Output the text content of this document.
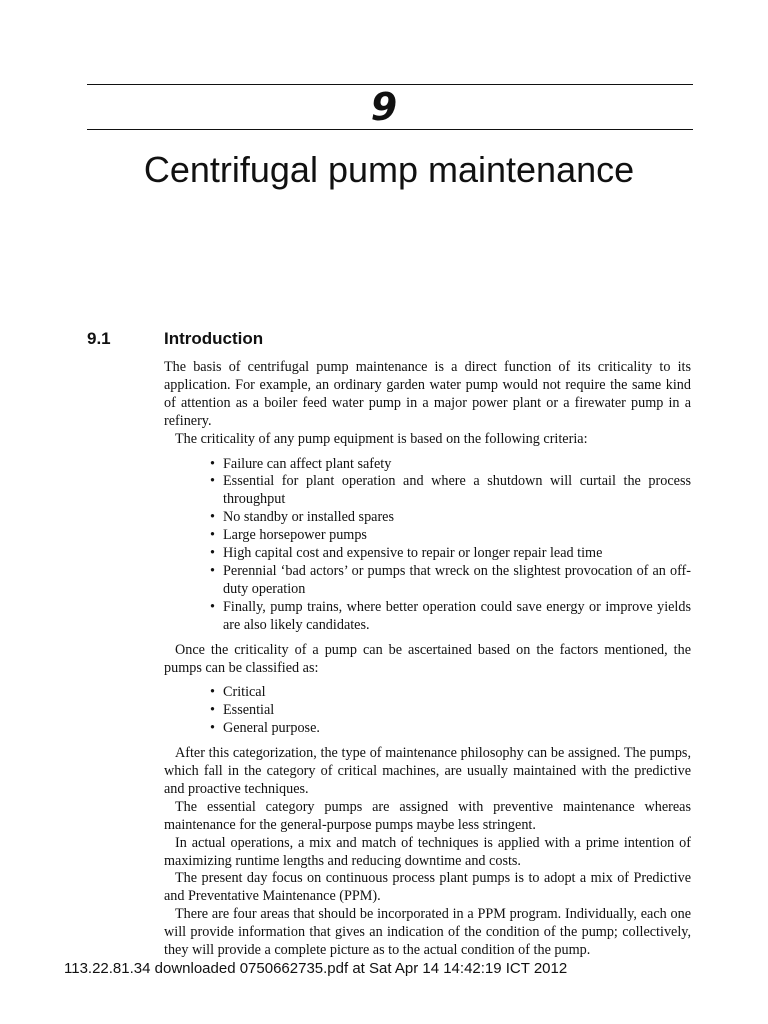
9
Centrifugal pump maintenance
9.1	Introduction

The basis of centrifugal pump maintenance is a direct function of its criticality to its application. For example, an ordinary garden water pump would not require the same kind of attention as a boiler feed water pump in a major power plant or a firewater pump in a refinery.

The criticality of any pump equipment is based on the following criteria:

• Failure can affect plant safety
• Essential for plant operation and where a shutdown will curtail the process throughput
• No standby or installed spares
• Large horsepower pumps
• High capital cost and expensive to repair or longer repair lead time
• Perennial ‘bad actors’ or pumps that wreck on the slightest provocation of an off-duty operation
• Finally, pump trains, where better operation could save energy or improve yields are also likely candidates.

Once the criticality of a pump can be ascertained based on the factors mentioned, the pumps can be classified as:

• Critical
• Essential
• General purpose.

After this categorization, the type of maintenance philosophy can be assigned. The pumps, which fall in the category of critical machines, are usually maintained with the predictive and proactive techniques.

The essential category pumps are assigned with preventive maintenance whereas maintenance for the general-purpose pumps maybe less stringent.

In actual operations, a mix and match of techniques is applied with a prime intention of maximizing runtime lengths and reducing downtime and costs.

The present day focus on continuous process plant pumps is to adopt a mix of Predictive and Preventative Maintenance (PPM).

There are four areas that should be incorporated in a PPM program. Individually, each one will provide information that gives an indication of the condition of the pump; collectively, they will provide a complete picture as to the actual condition of the pump.

113.22.81.34 downloaded 0750662735.pdf at Sat Apr 14 14:42:19 ICT 2012
